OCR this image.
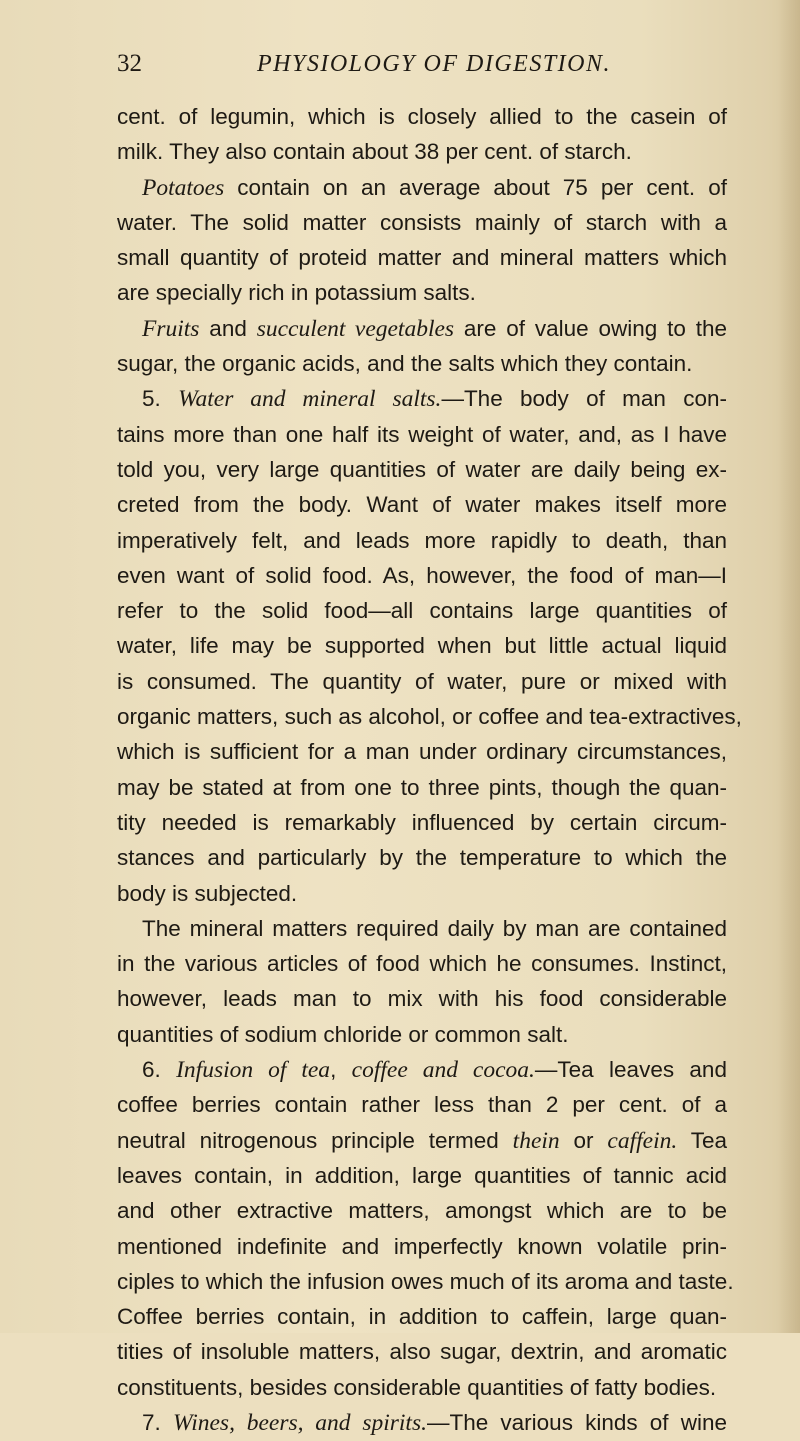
32	PHYSIOLOGY OF DIGESTION.
cent. of legumin, which is closely allied to the casein of
milk. They also contain about 38 per cent. of starch.
Potatoes contain on an average about 75 per cent. of
water. The solid matter consists mainly of starch with a
small quantity of proteid matter and mineral matters which
are specially rich in potassium salts.
Fruits and succulent vegetables are of value owing to the
sugar, the organic acids, and the salts which they contain.
5. Water and mineral salts.—The body of man con-
tains more than one half its weight of water, and, as I have
told you, very large quantities of water are daily being ex-
creted from the body. Want of water makes itself more
imperatively felt, and leads more rapidly to death, than
even want of solid food. As, however, the food of man—I
refer to the solid food—all contains large quantities of
water, life may be supported when but little actual liquid
is consumed. The quantity of water, pure or mixed with
organic matters, such as alcohol, or coffee and tea-extractives,
which is sufficient for a man under ordinary circumstances,
may be stated at from one to three pints, though the quan-
tity needed is remarkably influenced by certain circum-
stances and particularly by the temperature to which the
body is subjected.
The mineral matters required daily by man are contained
in the various articles of food which he consumes. Instinct,
however, leads man to mix with his food considerable
quantities of sodium chloride or common salt.
6. Infusion of tea, coffee and cocoa.—Tea leaves and
coffee berries contain rather less than 2 per cent. of a
neutral nitrogenous principle termed thein or caffein. Tea
leaves contain, in addition, large quantities of tannic acid
and other extractive matters, amongst which are to be
mentioned indefinite and imperfectly known volatile prin-
ciples to which the infusion owes much of its aroma and taste.
Coffee berries contain, in addition to caffein, large quan-
tities of insoluble matters, also sugar, dextrin, and aromatic
constituents, besides considerable quantities of fatty bodies.
7. Wines, beers, and spirits.—The various kinds of wine
